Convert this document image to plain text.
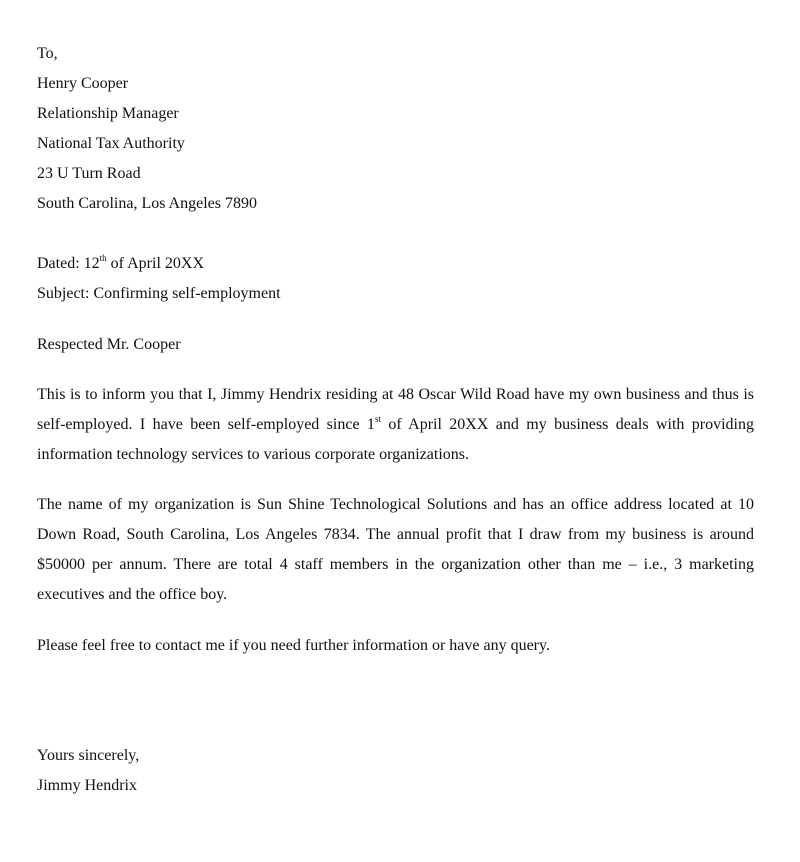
To,
Henry Cooper
Relationship Manager
National Tax Authority
23 U Turn Road
South Carolina, Los Angeles 7890
Dated: 12th of April 20XX
Subject: Confirming self-employment
Respected Mr. Cooper
This is to inform you that I, Jimmy Hendrix residing at 48 Oscar Wild Road have my own business and thus is self-employed. I have been self-employed since 1st of April 20XX and my business deals with providing information technology services to various corporate organizations.
The name of my organization is Sun Shine Technological Solutions and has an office address located at 10 Down Road, South Carolina, Los Angeles 7834. The annual profit that I draw from my business is around $50000 per annum. There are total 4 staff members in the organization other than me – i.e., 3 marketing executives and the office boy.
Please feel free to contact me if you need further information or have any query.
Yours sincerely,
Jimmy Hendrix
